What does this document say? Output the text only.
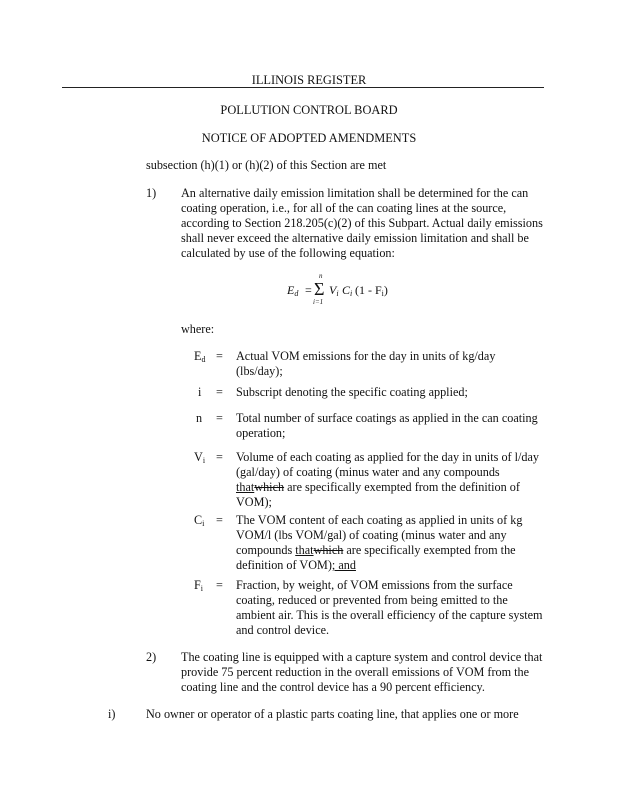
ILLINOIS REGISTER
POLLUTION CONTROL BOARD
NOTICE OF ADOPTED AMENDMENTS
subsection (h)(1) or (h)(2) of this Section are met
1) An alternative daily emission limitation shall be determined for the can
coating operation, i.e., for all of the can coating lines at the source,
according to Section 218.205(c)(2) of this Subpart. Actual daily emissions
shall never exceed the alternative daily emission limitation and shall be
calculated by use of the following equation:
$E_d$ =
n
Σ
i=1
$V_i$ $C_i$ $(1 - F_i)$
where:
$E_d$ = Actual VOM emissions for the day in units of kg/day
(lbs/day);
i = Subscript denoting the specific coating applied;
n = Total number of surface coatings as applied in the can coating
operation;
$V_i$ = Volume of each coating as applied for the day in units of l/day
(gal/day) of coating (minus water and any compounds
thatwhich are specifically exempted from the definition of
VOM);
$C_i$ = The VOM content of each coating as applied in units of kg
VOM/l (lbs VOM/gal) of coating (minus water and any
compounds thatwhich are specifically exempted from the
definition of VOM); and
$F_i$ = Fraction, by weight, of VOM emissions from the surface
coating, reduced or prevented from being emitted to the
ambient air. This is the overall efficiency of the capture system
and control device.
2) The coating line is equipped with a capture system and control device that
provide 75 percent reduction in the overall emissions of VOM from the
coating line and the control device has a 90 percent efficiency.
i)	No owner or operator of a plastic parts coating line, that applies one or more
